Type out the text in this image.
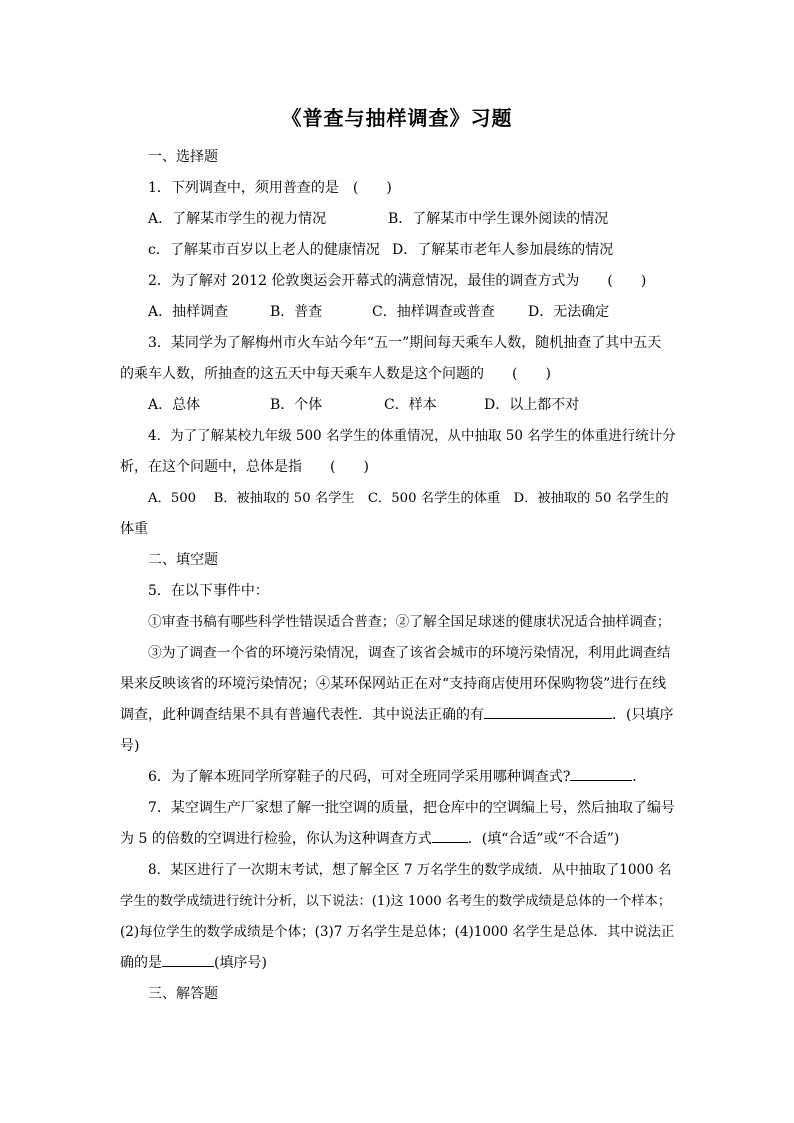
《普查与抽样调查》习题
一、选择题
1．下列调查中，须用普查的是　(　　)
A．了解某市学生的视力情况	B．了解某市中学生课外阅读的情况
c．了解某市百岁以上老人的健康情况 D．了解某市老年人参加晨练的情况
2．为了解对 2012 伦敦奥运会开幕式的满意情况，最佳的调查方式为　　(　　)
A．抽样调查	B．普查	C．抽样调查或普查 D．无法确定
3．某同学为了解梅州市火车站今年“五一”期间每天乘车人数，随机抽查了其中五天
的乘车人数，所抽查的这五天中每天乘车人数是这个问题的　　(　　)
A．总体	B．个体	C．样本	D．以上都不对
4．为了了解某校九年级 500 名学生的体重情况，从中抽取 50 名学生的体重进行统计分
析，在这个问题中，总体是指　　(　　)
A．500　 B．被抽取的 50 名学生　C．500 名学生的体重　D．被抽取的 50 名学生的
体重
二、填空题
5．在以下事件中：
①审查书稿有哪些科学性错误适合普查；②了解全国足球迷的健康状况适合抽样调查；
③为了调查一个省的环境污染情况，调查了该省会城市的环境污染情况，利用此调查结
果来反映该省的环境污染情况；④某环保网站正在对“支持商店使用环保购物袋”进行在线
调查，此种调查结果不具有普遍代表性．其中说法正确的有	．(只填序
号)
6．为了解本班同学所穿鞋子的尺码，可对全班同学采用哪种调查式?	．
7．某空调生产厂家想了解一批空调的质量，把仓库中的空调编上号，然后抽取了编号
为 5 的倍数的空调进行检验，你认为这种调查方式	．(填“合适”或“不合适”)
8．某区进行了一次期末考试，想了解全区 7 万名学生的数学成绩．从中抽取了1000 名
学生的数学成绩进行统计分析，以下说法：(1)这 1000 名考生的数学成绩是总体的一个样本；
(2)每位学生的数学成绩是个体；(3)7 万名学生是总体；(4)1000 名学生是总体．其中说法正
确的是	(填序号)
三、解答题
